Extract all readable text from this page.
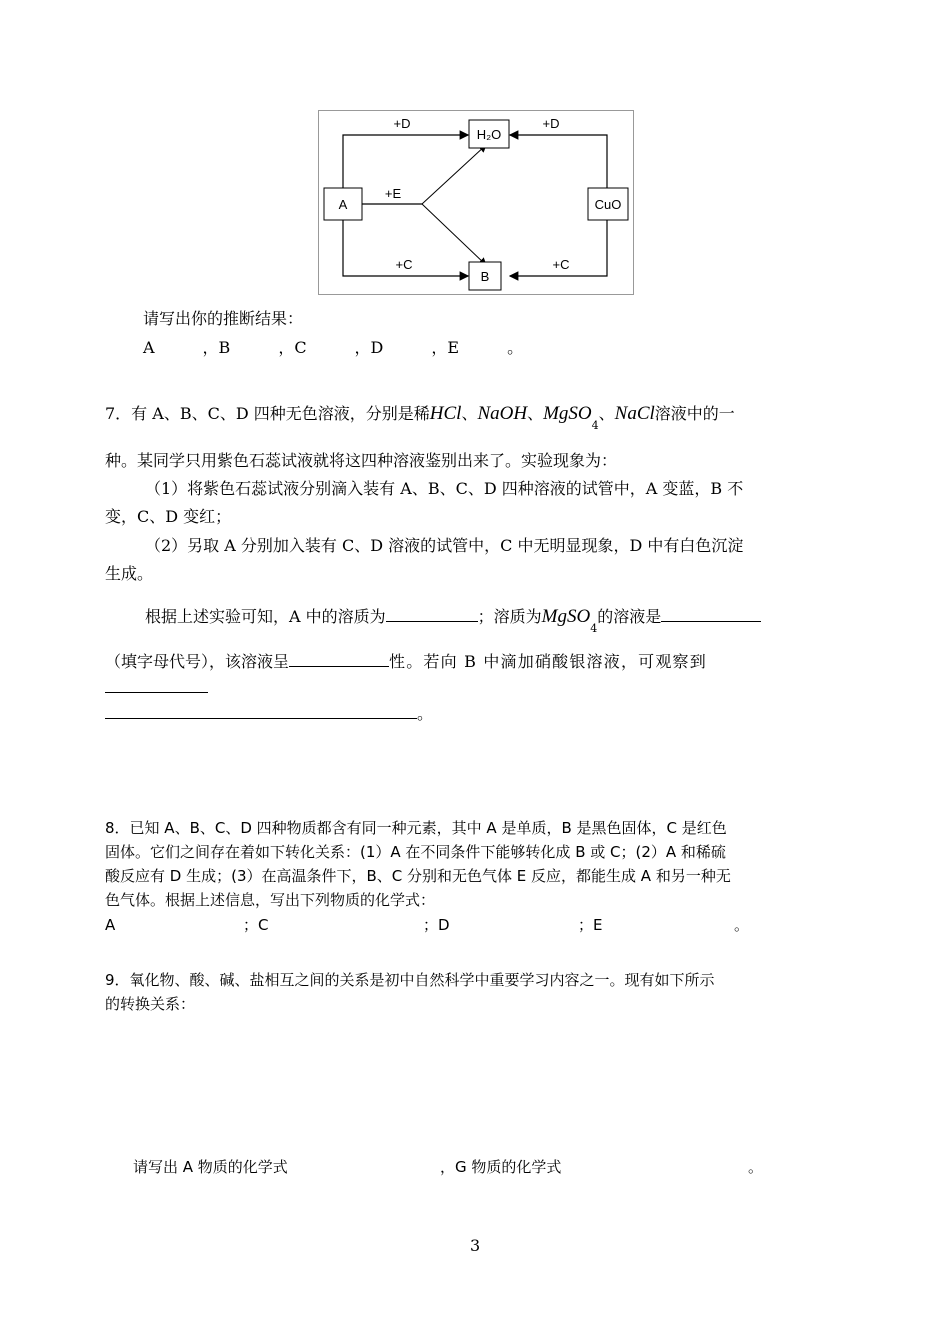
A
H₂O
CuO
B
+D	+D
+E
+C	+C
请写出你的推断结果：
A　　　，B　　　，C　　　，D　　　，E　　　。
7．有 A、B、C、D 四种无色溶液，分别是稀HCl、NaOH、MgSO$_4$、NaCl溶液中的一
种。某同学只用紫色石蕊试液就将这四种溶液鉴别出来了。实验现象为：
（1）将紫色石蕊试液分别滴入装有 A、B、C、D 四种溶液的试管中，A 变蓝，B 不
变，C、D 变红；
（2）另取 A 分别加入装有 C、D 溶液的试管中，C 中无明显现象，D 中有白色沉淀
生成。
根据上述实验可知，A 中的溶质为	；溶质为MgSO$_4$的溶液是
（填字母代号），该溶液呈	性。若向 B 中滴加硝酸银溶液，可观察到
。
8．已知 A、B、C、D 四种物质都含有同一种元素，其中 A 是单质，B 是黑色固体，C 是红色
固体。它们之间存在着如下转化关系：(1）A 在不同条件下能够转化成 B 或 C；(2）A 和稀硫
酸反应有 D 生成；(3）在高温条件下，B、C 分别和无色气体 E 反应，都能生成 A 和另一种无
色气体。根据上述信息，写出下列物质的化学式：
A	；C	；D	；E	。
9．氧化物、酸、碱、盐相互之间的关系是初中自然科学中重要学习内容之一。现有如下所示
的转换关系：
请写出 A 物质的化学式	，G 物质的化学式	。
3
